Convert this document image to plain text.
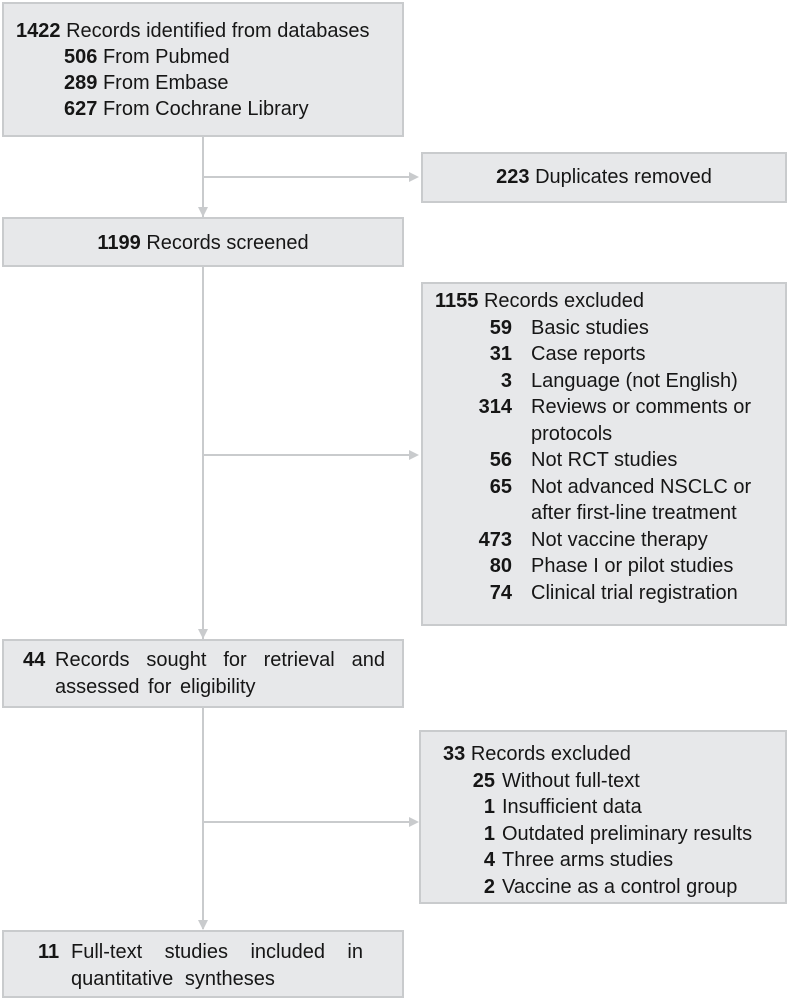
1422 Records identified from databases
506 From Pubmed
289 From Embase
627 From Cochrane Library
223 Duplicates removed
1199 Records screened
1155 Records excluded
59 Basic studies
31 Case reports
3 Language (not English)
314 Reviews or comments or
protocols
56 Not RCT studies
65 Not advanced NSCLC or
after first-line treatment
473 Not vaccine therapy
80 Phase I or pilot studies
74 Clinical trial registration
44 Records sought for retrieval and assessed for eligibility
33 Records excluded
25 Without full-text
1 Insufficient data
1 Outdated preliminary results
4 Three arms studies
2 Vaccine as a control group
11 Full-text studies included in quantitative syntheses
